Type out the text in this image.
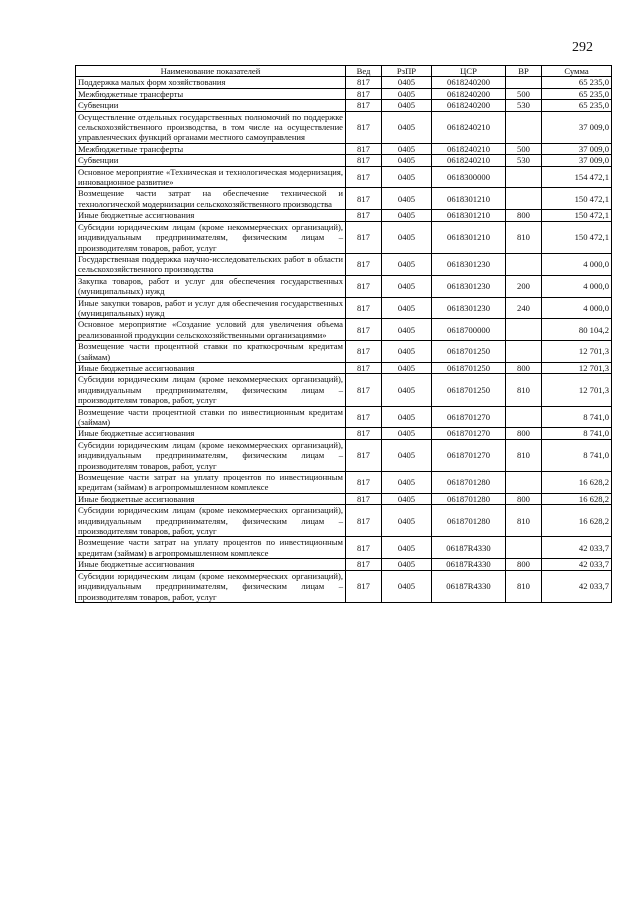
292
Наименование показателей	Вед	РзПР	ЦСР	ВР	Сумма
Поддержка малых форм хозяйствования	817	0405	0618240200		65 235,0
Межбюджетные трансферты	817	0405	0618240200	500	65 235,0
Субвенции	817	0405	0618240200	530	65 235,0
Осуществление отдельных государственных полномочий по поддержке сельскохозяйственного производства, в том числе на осуществление управленческих функций органами местного самоуправления	817	0405	0618240210		37 009,0
Межбюджетные трансферты	817	0405	0618240210	500	37 009,0
Субвенции	817	0405	0618240210	530	37 009,0
Основное мероприятие «Техническая и технологическая модернизация, инновационное развитие»	817	0405	0618300000		154 472,1
Возмещение части затрат на обеспечение технической и технологической модернизации сельскохозяйственного производства	817	0405	0618301210		150 472,1
Иные бюджетные ассигнования	817	0405	0618301210	800	150 472,1
Субсидии юридическим лицам (кроме некоммерческих организаций), индивидуальным предпринимателям, физическим лицам – производителям товаров, работ, услуг	817	0405	0618301210	810	150 472,1
Государственная поддержка научно-исследовательских работ в области сельскохозяйственного производства	817	0405	0618301230		4 000,0
Закупка товаров, работ и услуг для обеспечения государственных (муниципальных) нужд	817	0405	0618301230	200	4 000,0
Иные закупки товаров, работ и услуг для обеспечения государственных (муниципальных) нужд	817	0405	0618301230	240	4 000,0
Основное мероприятие «Создание условий для увеличения объема реализованной продукции сельскохозяйственными организациями»	817	0405	0618700000		80 104,2
Возмещение части процентной ставки по краткосрочным кредитам (займам)	817	0405	0618701250		12 701,3
Иные бюджетные ассигнования	817	0405	0618701250	800	12 701,3
Субсидии юридическим лицам (кроме некоммерческих организаций), индивидуальным предпринимателям, физическим лицам – производителям товаров, работ, услуг	817	0405	0618701250	810	12 701,3
Возмещение части процентной ставки по инвестиционным кредитам (займам)	817	0405	0618701270		8 741,0
Иные бюджетные ассигнования	817	0405	0618701270	800	8 741,0
Субсидии юридическим лицам (кроме некоммерческих организаций), индивидуальным предпринимателям, физическим лицам – производителям товаров, работ, услуг	817	0405	0618701270	810	8 741,0
Возмещение части затрат на уплату процентов по инвестиционным кредитам (займам) в агропромышленном комплексе	817	0405	0618701280		16 628,2
Иные бюджетные ассигнования	817	0405	0618701280	800	16 628,2
Субсидии юридическим лицам (кроме некоммерческих организаций), индивидуальным предпринимателям, физическим лицам – производителям товаров, работ, услуг	817	0405	0618701280	810	16 628,2
Возмещение части затрат на уплату процентов по инвестиционным кредитам (займам) в агропромышленном комплексе	817	0405	06187R4330		42 033,7
Иные бюджетные ассигнования	817	0405	06187R4330	800	42 033,7
Субсидии юридическим лицам (кроме некоммерческих организаций), индивидуальным предпринимателям, физическим лицам – производителям товаров, работ, услуг	817	0405	06187R4330	810	42 033,7
